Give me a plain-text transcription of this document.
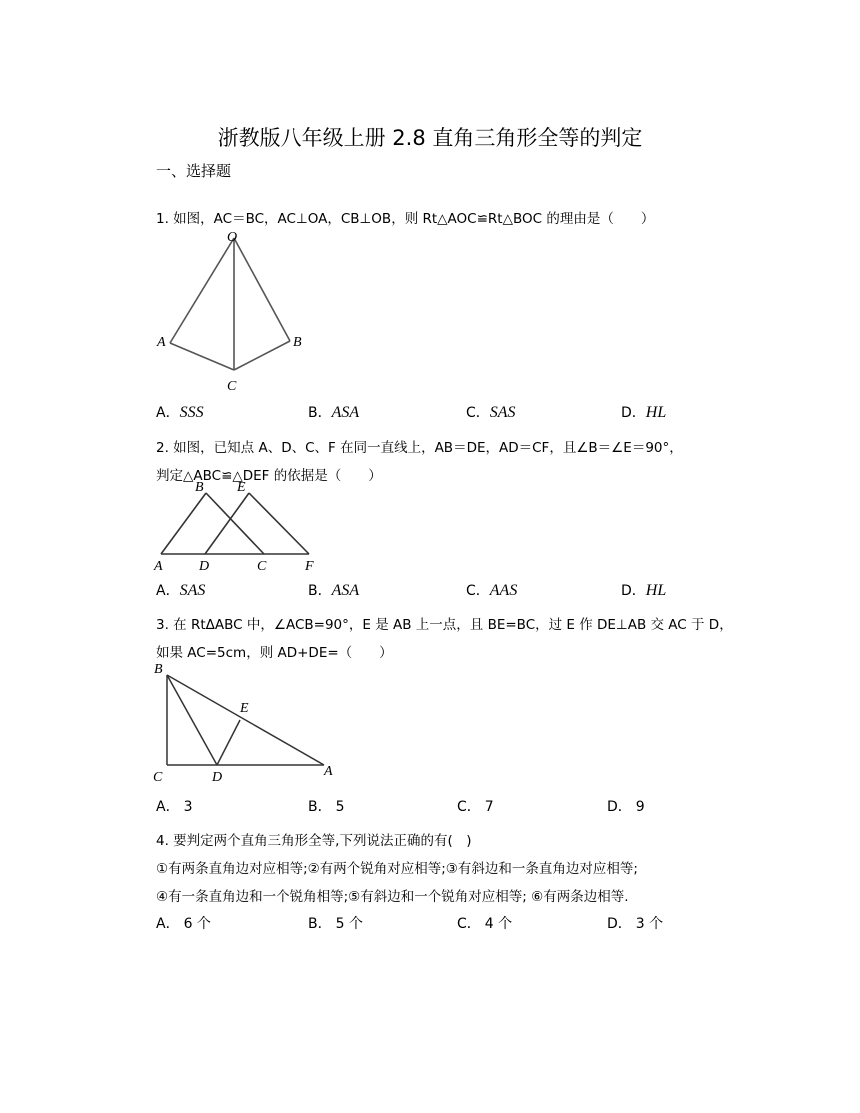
浙教版八年级上册 2.8 直角三角形全等的判定
一、选择题
1. 如图，AC＝BC，AC⊥OA，CB⊥OB，则 Rt△AOC≌Rt△BOC 的理由是（　　）
O
A	B
C
A．SSS	B．ASA	C．SAS	D．HL
2. 如图，已知点 A、D、C、F 在同一直线上，AB＝DE，AD＝CF，且∠B＝∠E＝90°，
判定△ABC≌△DEF 的依据是（　　）
B E
A	D	C	F
A．SAS	B．ASA	C．AAS	D．HL
3. 在 RtΔABC 中，∠ACB=90°，E 是 AB 上一点，且 BE=BC，过 E 作 DE⊥AB 交 AC 于 D，
如果 AC=5cm，则 AD+DE=（　　）
B
E
C	D	A
A． 3	B． 5	C． 7	D． 9
4. 要判定两个直角三角形全等,下列说法正确的有(　)
①有两条直角边对应相等;②有两个锐角对应相等;③有斜边和一条直角边对应相等;
④有一条直角边和一个锐角相等;⑤有斜边和一个锐角对应相等; ⑥有两条边相等.
A． 6 个	B． 5 个	C． 4 个	D． 3 个
